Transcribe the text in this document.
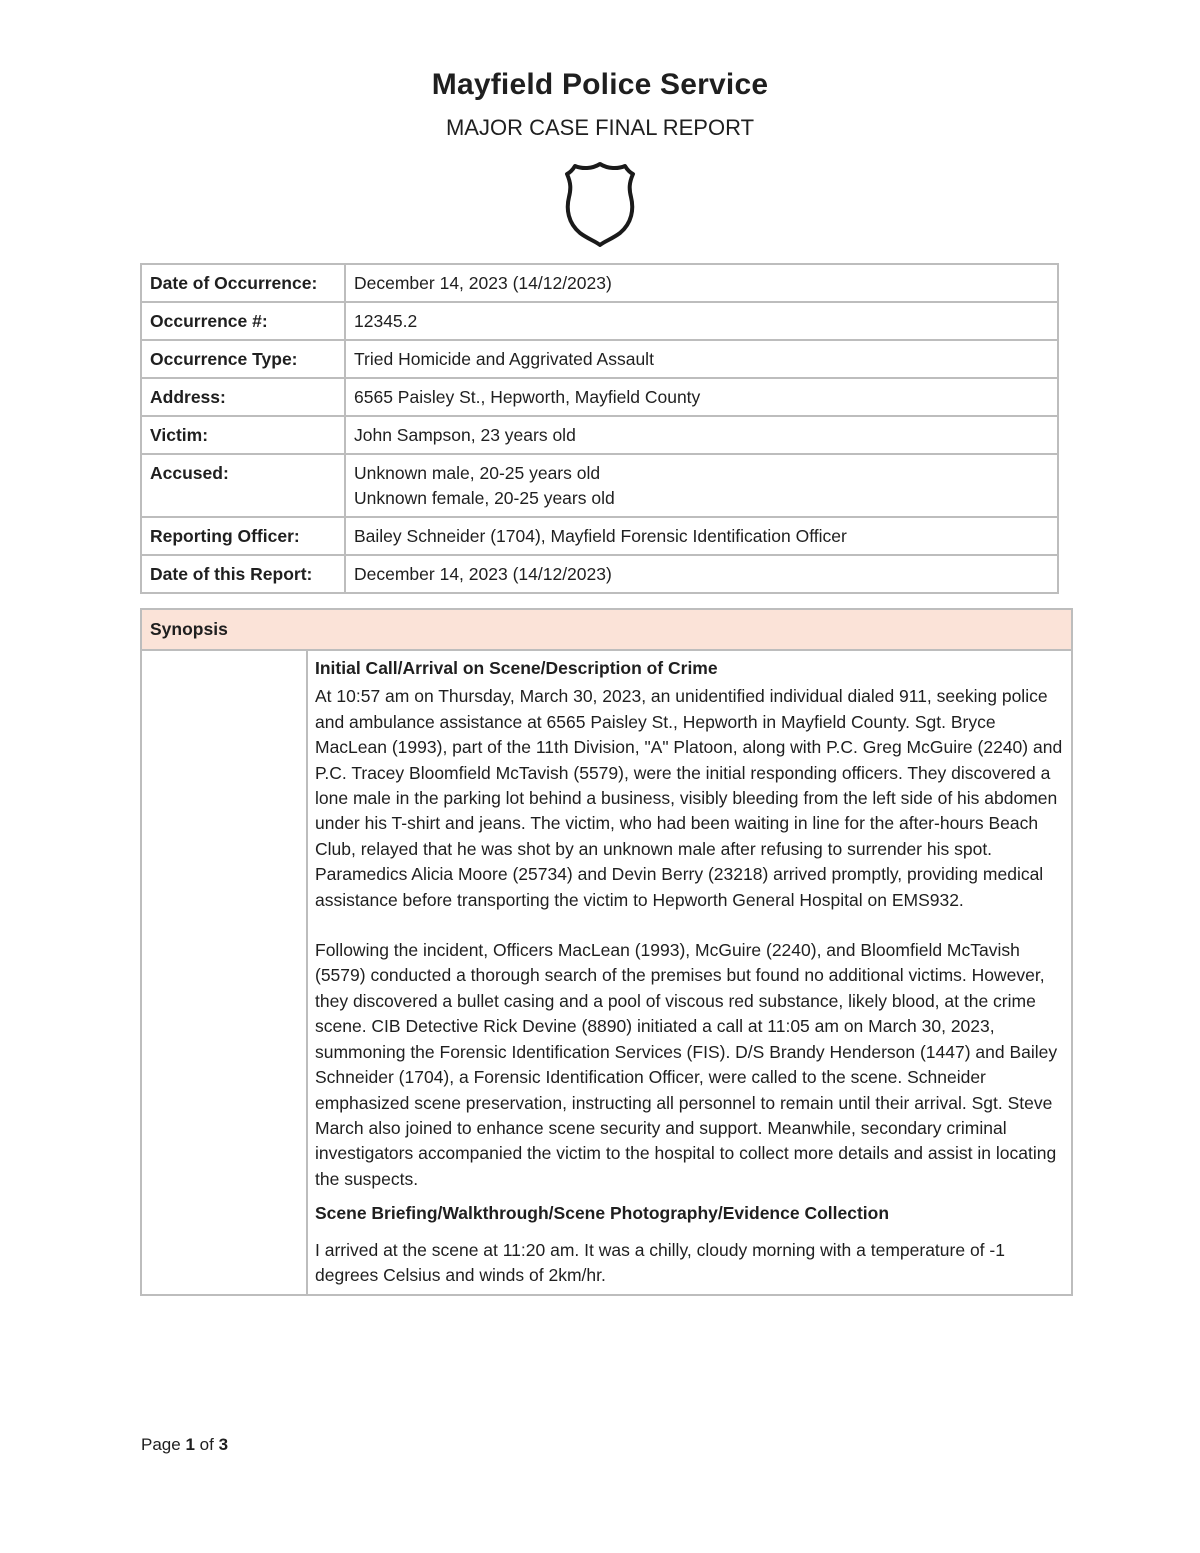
Mayfield Police Service
MAJOR CASE FINAL REPORT
Date of Occurrence:	December 14, 2023 (14/12/2023)
Occurrence #:	12345.2
Occurrence Type:	Tried Homicide and Aggrivated Assault
Address:	6565 Paisley St., Hepworth, Mayfield County
Victim:	John Sampson, 23 years old
Accused:	Unknown male, 20-25 years old
Unknown female, 20-25 years old

Reporting Officer:	Bailey Schneider (1704), Mayfield Forensic Identification Officer
Date of this Report:	December 14, 2023 (14/12/2023)
Synopsis

Initial Call/Arrival on Scene/Description of Crime

At 10:57 am on Thursday, March 30, 2023, an unidentified individual dialed 911, seeking police and ambulance assistance at 6565 Paisley St., Hepworth in Mayfield County. Sgt. Bryce MacLean (1993), part of the 11th Division, "A" Platoon, along with P.C. Greg McGuire (2240) and P.C. Tracey Bloomfield McTavish (5579), were the initial responding officers. They discovered a lone male in the parking lot behind a business, visibly bleeding from the left side of his abdomen under his T-shirt and jeans. The victim, who had been waiting in line for the after-hours Beach Club, relayed that he was shot by an unknown male after refusing to surrender his spot. Paramedics Alicia Moore (25734) and Devin Berry (23218) arrived promptly, providing medical assistance before transporting the victim to Hepworth General Hospital on EMS932.

Following the incident, Officers MacLean (1993), McGuire (2240), and Bloomfield McTavish (5579) conducted a thorough search of the premises but found no additional victims. However, they discovered a bullet casing and a pool of viscous red substance, likely blood, at the crime scene. CIB Detective Rick Devine (8890) initiated a call at 11:05 am on March 30, 2023, summoning the Forensic Identification Services (FIS). D/S Brandy Henderson (1447) and Bailey Schneider (1704), a Forensic Identification Officer, were called to the scene. Schneider emphasized scene preservation, instructing all personnel to remain until their arrival. Sgt. Steve March also joined to enhance scene security and support. Meanwhile, secondary criminal investigators accompanied the victim to the hospital to collect more details and assist in locating the suspects.

Scene Briefing/Walkthrough/Scene Photography/Evidence Collection

I arrived at the scene at 11:20 am. It was a chilly, cloudy morning with a temperature of -1 degrees Celsius and winds of 2km/hr.

Page 1 of 3
